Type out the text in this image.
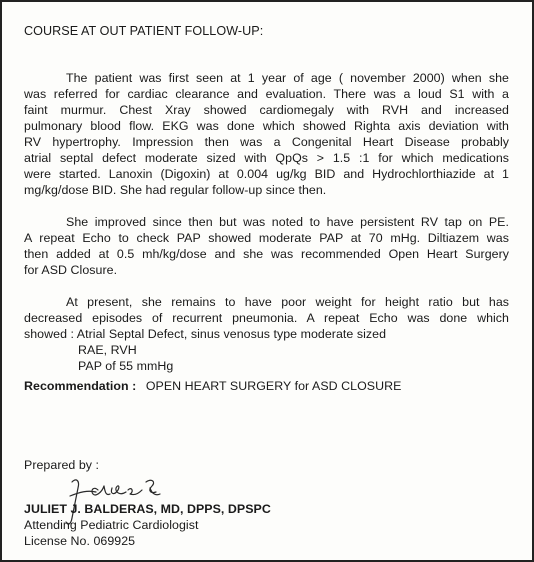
COURSE AT OUT PATIENT FOLLOW-UP:
The patient was first seen at 1 year of age ( november 2000) when she
was referred for cardiac clearance and evaluation. There was a loud S1 with a
faint murmur. Chest Xray showed cardiomegaly with RVH and increased
pulmonary blood flow. EKG was done which showed Righta axis deviation with
RV hypertrophy. Impression then was a Congenital Heart Disease probably
atrial septal defect moderate sized with QpQs > 1.5 :1 for which medications
were started. Lanoxin (Digoxin) at 0.004 ug/kg BID and Hydrochlorthiazide at 1
mg/kg/dose BID. She had regular follow-up since then.
She improved since then but was noted to have persistent RV tap on PE.
A repeat Echo to check PAP showed moderate PAP at 70 mHg. Diltiazem was
then added at 0.5 mh/kg/dose and she was recommended Open Heart Surgery
for ASD Closure.
At present, she remains to have poor weight for height ratio but has
decreased episodes of recurrent pneumonia. A repeat Echo was done which
showed : Atrial Septal Defect, sinus venosus type moderate sized
RAE, RVH
PAP of 55 mmHg
Recommendation : OPEN HEART SURGERY for ASD CLOSURE
Prepared by :
JULIET J. BALDERAS, MD, DPPS, DPSPC
Attending Pediatric Cardiologist
License No. 069925
